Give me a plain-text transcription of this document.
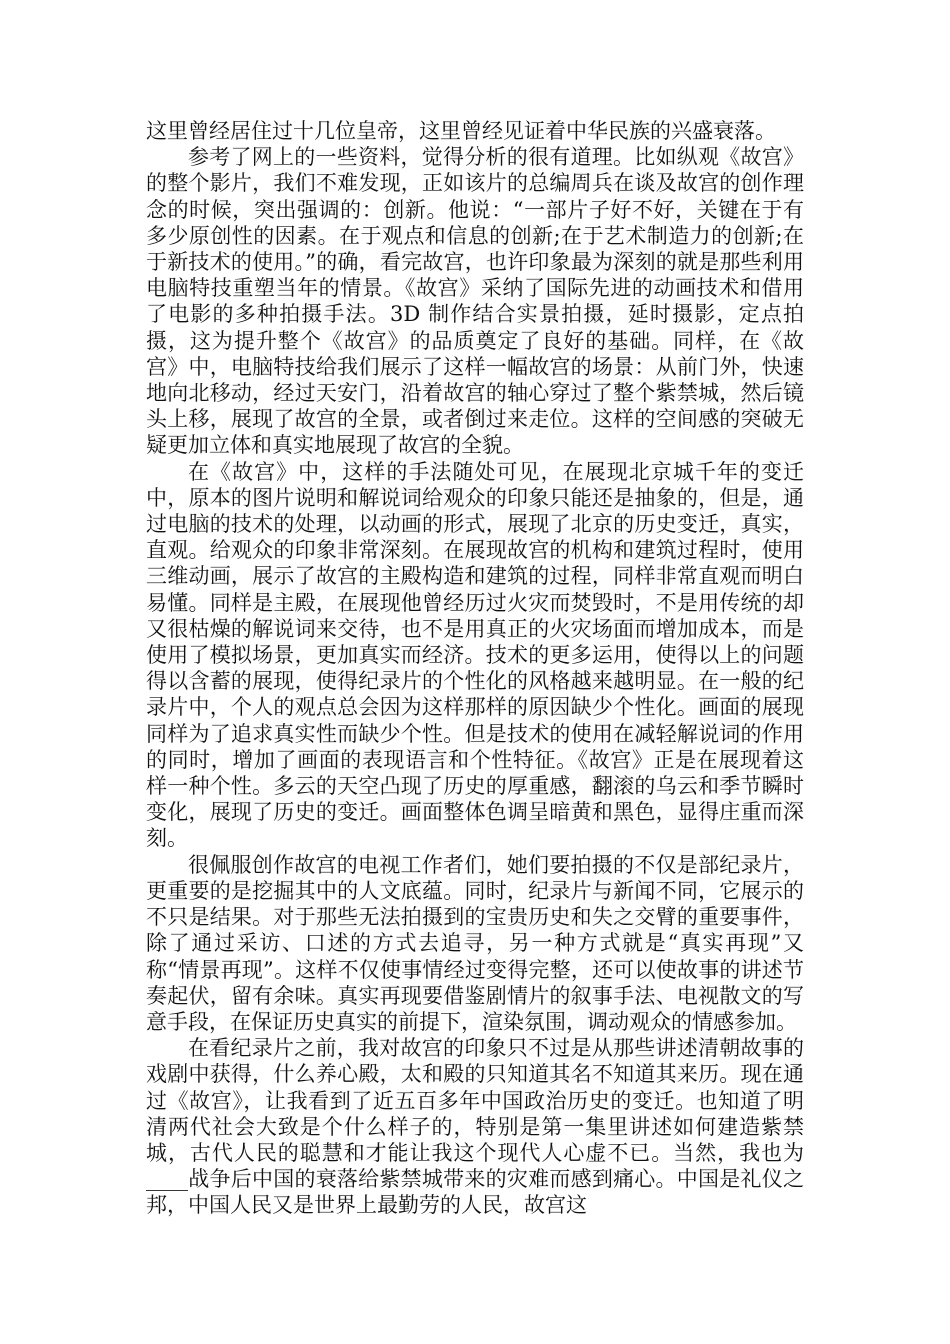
这里曾经居住过十几位皇帝，这里曾经见证着中华民族的兴盛衰落。

参考了网上的一些资料，觉得分析的很有道理。比如纵观《故宫》的整个影片，我们不难发现，正如该片的总编周兵在谈及故宫的创作理念的时候，突出强调的：创新。他说：“一部片子好不好，关键在于有多少原创性的因素。在于观点和信息的创新;在于艺术制造力的创新;在于新技术的使用。”的确，看完故宫，也许印象最为深刻的就是那些利用电脑特技重塑当年的情景。《故宫》采纳了国际先进的动画技术和借用了电影的多种拍摄手法。3D 制作结合实景拍摄，延时摄影，定点拍摄，这为提升整个《故宫》的品质奠定了良好的基础。同样，在《故宫》中，电脑特技给我们展示了这样一幅故宫的场景：从前门外，快速地向北移动，经过天安门，沿着故宫的轴心穿过了整个紫禁城，然后镜头上移，展现了故宫的全景，或者倒过来走位。这样的空间感的突破无疑更加立体和真实地展现了故宫的全貌。

在《故宫》中，这样的手法随处可见，在展现北京城千年的变迁中，原本的图片说明和解说词给观众的印象只能还是抽象的，但是，通过电脑的技术的处理，以动画的形式，展现了北京的历史变迁，真实，直观。给观众的印象非常深刻。在展现故宫的机构和建筑过程时，使用三维动画，展示了故宫的主殿构造和建筑的过程，同样非常直观而明白易懂。同样是主殿，在展现他曾经历过火灾而焚毁时，不是用传统的却又很枯燥的解说词来交待，也不是用真正的火灾场面而增加成本，而是使用了模拟场景，更加真实而经济。技术的更多运用，使得以上的问题得以含蓄的展现，使得纪录片的个性化的风格越来越明显。在一般的纪录片中，个人的观点总会因为这样那样的原因缺少个性化。画面的展现同样为了追求真实性而缺少个性。但是技术的使用在减轻解说词的作用的同时，增加了画面的表现语言和个性特征。《故宫》正是在展现着这样一种个性。多云的天空凸现了历史的厚重感，翻滚的乌云和季节瞬时变化，展现了历史的变迁。画面整体色调呈暗黄和黑色，显得庄重而深刻。

很佩服创作故宫的电视工作者们，她们要拍摄的不仅是部纪录片，更重要的是挖掘其中的人文底蕴。同时，纪录片与新闻不同，它展示的不只是结果。对于那些无法拍摄到的宝贵历史和失之交臂的重要事件，除了通过采访、口述的方式去追寻，另一种方式就是“真实再现”又称“情景再现”。这样不仅使事情经过变得完整，还可以使故事的讲述节奏起伏，留有余味。真实再现要借鉴剧情片的叙事手法、电视散文的写意手段，在保证历史真实的前提下，渲染氛围，调动观众的情感参加。

在看纪录片之前，我对故宫的印象只不过是从那些讲述清朝故事的戏剧中获得，什么养心殿，太和殿的只知道其名不知道其来历。现在通过《故宫》，让我看到了近五百多年中国政治历史的变迁。也知道了明清两代社会大致是个什么样子的，特别是第一集里讲述如何建造紫禁城，古代人民的聪慧和才能让我这个现代人心虚不已。当然，我也为____战争后中国的衰落给紫禁城带来的灾难而感到痛心。中国是礼仪之邦，中国人民又是世界上最勤劳的人民，故宫这
